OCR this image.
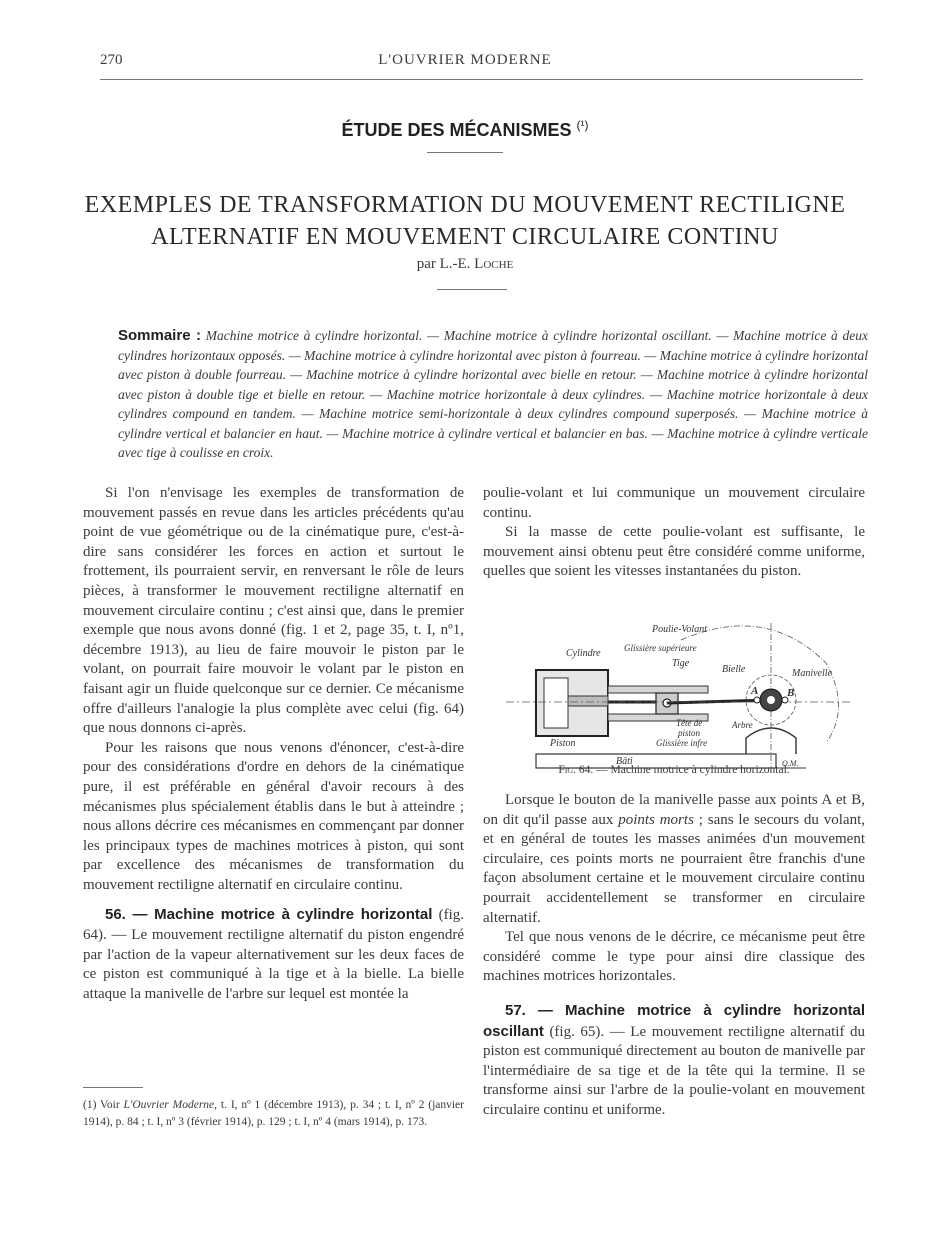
270	L'OUVRIER MODERNE
ÉTUDE DES MÉCANISMES $^{(^1)}$
EXEMPLES DE TRANSFORMATION DU MOUVEMENT RECTILIGNE
ALTERNATIF EN MOUVEMENT CIRCULAIRE CONTINU
par L.-E. Loche
Sommaire : Machine motrice à cylindre horizontal. — Machine motrice à cylindre horizontal oscillant. — Machine motrice à deux cylindres horizontaux opposés. — Machine motrice à cylindre horizontal avec piston à fourreau. — Machine motrice à cylindre horizontal avec piston à double fourreau. — Machine motrice à cylindre horizontal avec bielle en retour. — Machine motrice à cylindre horizontal avec piston à double tige et bielle en retour. — Machine motrice horizontale à deux cylindres. — Machine motrice horizontale à deux cylindres compound en tandem. — Machine motrice semi-horizontale à deux cylindres compound superposés. — Machine motrice à cylindre vertical et balancier en haut. — Machine motrice à cylindre vertical et balancier en bas. — Machine motrice à cylindre verticale avec tige à coulisse en croix.

Si l'on n'envisage les exemples de transformation de mouvement passés en revue dans les articles précédents qu'au point de vue géométrique ou de la cinématique pure, c'est-à-dire sans considérer les forces en action et surtout le frottement, ils pourraient servir, en renversant le rôle de leurs pièces, à transformer le mouvement rectiligne alternatif en mouvement circulaire continu ; c'est ainsi que, dans le premier exemple que nous avons donné (fig. 1 et 2, page 35, t. I, nº1, décembre 1913), au lieu de faire mouvoir le piston par le volant, on pourrait faire mouvoir le volant par le piston en faisant agir un fluide quelconque sur ce dernier. Ce mécanisme offre d'ailleurs l'analogie la plus complète avec celui (fig. 64) que nous donnons ci-après.

Pour les raisons que nous venons d'énoncer, c'est-à-dire pour des considérations d'ordre en dehors de la cinématique pure, il est préférable en général d'avoir recours à des mécanismes plus spécialement établis dans le but à atteindre ; nous allons décrire ces mécanismes en commençant par donner les principaux types de machines motrices à piston, qui sont par excellence des mécanismes de transformation du mouvement rectiligne alternatif en circulaire continu.

56. — Machine motrice à cylindre horizontal (fig. 64). — Le mouvement rectiligne alternatif du piston engendré par l'action de la vapeur alternativement sur les deux faces de ce piston est communiqué à la tige et à la bielle. La bielle attaque la manivelle de l'arbre sur lequel est montée la

(1) Voir L'Ouvrier Moderne, t. I, nº 1 (décembre 1913), p. 34 ; t. I, nº 2 (janvier 1914), p. 84 ; t. I, nº 3 (février 1914), p. 129 ; t. I, nº 4 (mars 1914), p. 173.

poulie-volant et lui communique un mouvement circulaire continu.

Si la masse de cette poulie-volant est suffisante, le mouvement ainsi obtenu peut être considéré comme uniforme, quelles que soient les vitesses instantanées du piston.

Poulie-Volant
Cylindre	Glissière supérieure
Tige
Bielle	Manivelle
Arbre
A	B
Tête de
piston
Glissière infre
Piston
Bâti	O.M.
Fig. 64. — Machine motrice à cylindre horizontal.

Lorsque le bouton de la manivelle passe aux points A et B, on dit qu'il passe aux points morts ; sans le secours du volant, et en général de toutes les masses animées d'un mouvement circulaire, ces points morts ne pourraient être franchis d'une façon absolument certaine et le mouvement circulaire continu pourrait accidentellement se transformer en circulaire alternatif.

Tel que nous venons de le décrire, ce mécanisme peut être considéré comme le type pour ainsi dire classique des machines motrices horizontales.

57. — Machine motrice à cylindre horizontal oscillant (fig. 65). — Le mouvement rectiligne alternatif du piston est communiqué directement au bouton de manivelle par l'intermédiaire de sa tige et de la tête qui la termine. Il se transforme ainsi sur l'arbre de la poulie-volant en mouvement circulaire continu et uniforme.
